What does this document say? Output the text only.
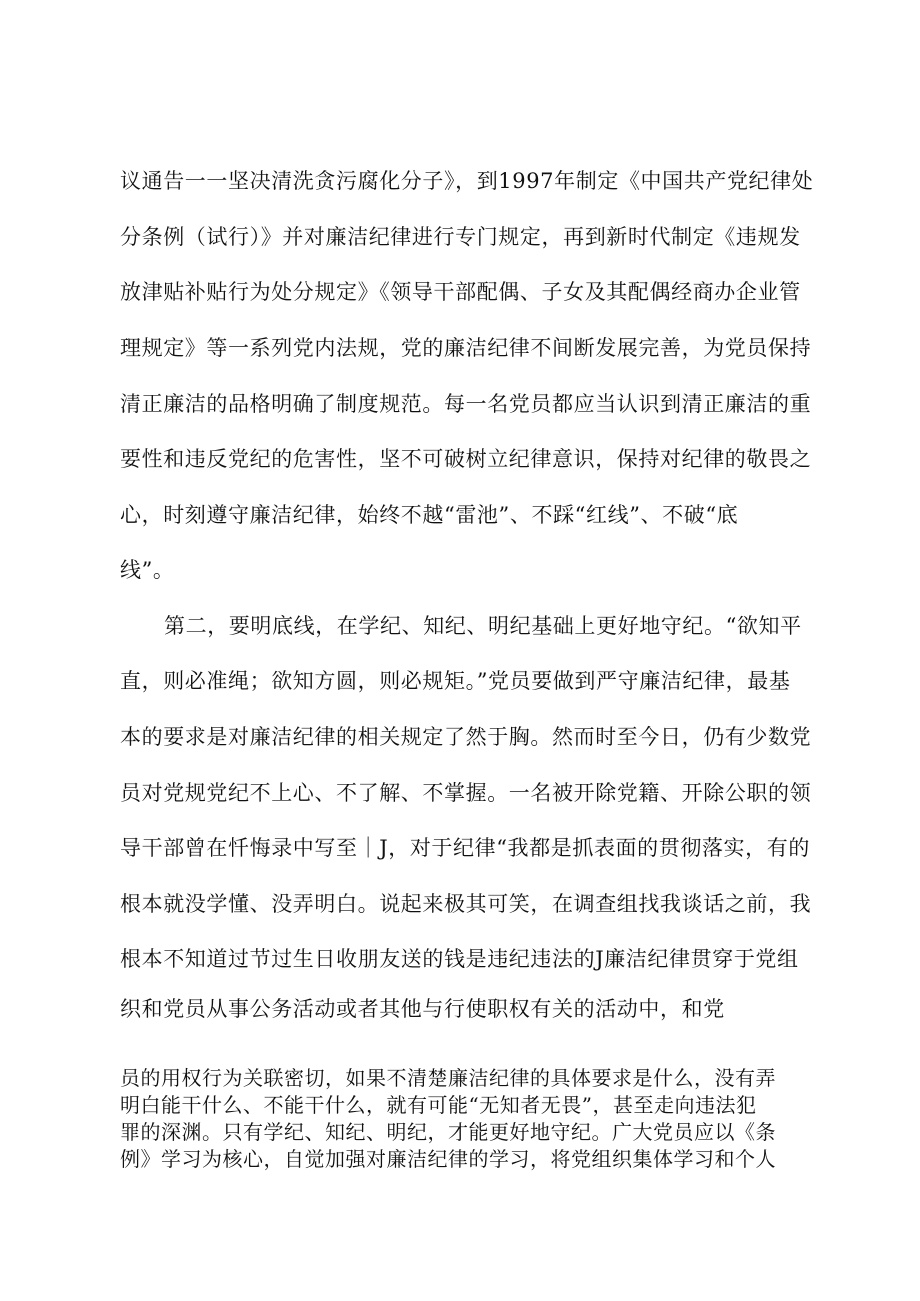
议通告一一坚决清洗贪污腐化分子》，到1997年制定《中国共产党纪律处
分条例（试行）》并对廉洁纪律进行专门规定，再到新时代制定《违规发
放津贴补贴行为处分规定》《领导干部配偶、子女及其配偶经商办企业管
理规定》等一系列党内法规，党的廉洁纪律不间断发展完善，为党员保持
清正廉洁的品格明确了制度规范。每一名党员都应当认识到清正廉洁的重
要性和违反党纪的危害性，坚不可破树立纪律意识，保持对纪律的敬畏之
心，时刻遵守廉洁纪律，始终不越“雷池”、不踩“红线”、不破“底
线”。
第二，要明底线，在学纪、知纪、明纪基础上更好地守纪。“欲知平
直，则必准绳；欲知方圆，则必规矩。”党员要做到严守廉洁纪律，最基
本的要求是对廉洁纪律的相关规定了然于胸。然而时至今日，仍有少数党
员对党规党纪不上心、不了解、不掌握。一名被开除党籍、开除公职的领
导干部曾在忏悔录中写至｜J，对于纪律“我都是抓表面的贯彻落实，有的
根本就没学懂、没弄明白。说起来极其可笑，在调查组找我谈话之前，我
根本不知道过节过生日收朋友送的钱是违纪违法的J廉洁纪律贯穿于党组
织和党员从事公务活动或者其他与行使职权有关的活动中，和党
员的用权行为关联密切，如果不清楚廉洁纪律的具体要求是什么，没有弄
明白能干什么、不能干什么，就有可能“无知者无畏”，甚至走向违法犯
罪的深渊。只有学纪、知纪、明纪，才能更好地守纪。广大党员应以《条
例》学习为核心，自觉加强对廉洁纪律的学习，将党组织集体学习和个人
